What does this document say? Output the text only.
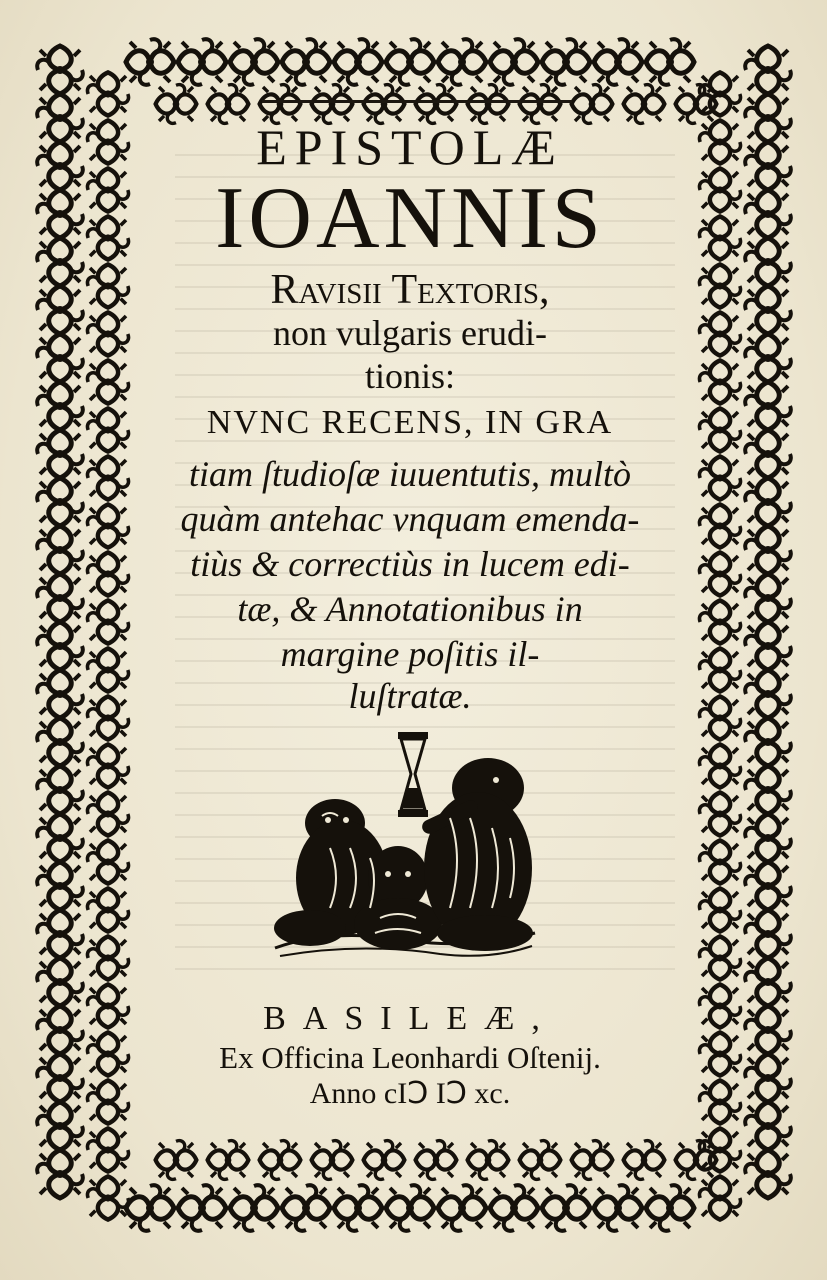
EPISTOLÆ
IOANNIS
Ravisii Textoris,
non vulgaris erudi-
tionis:
NVNC RECENS, IN GRA
tiam ſtudioſæ iuuentutis, multò
quàm antehac vnquam emenda-
tiùs & correctiùs in lucem edi-
tæ, & Annotationibus in
margine poſitis il-
luſtratæ.
BASILEÆ,
Ex Officina Leonhardi Oſtenij.
Anno cIↃ IↃ xc.
